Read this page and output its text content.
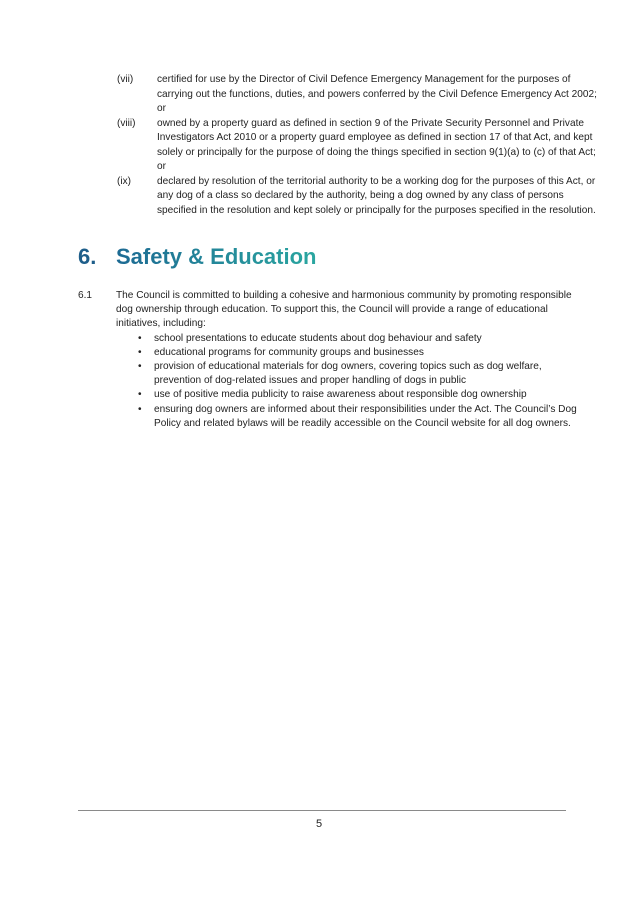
(vii)	certified for use by the Director of Civil Defence Emergency Management for the purposes of carrying out the functions, duties, and powers conferred by the Civil Defence Emergency Act 2002; or
(viii)	owned by a property guard as defined in section 9 of the Private Security Personnel and Private Investigators Act 2010 or a property guard employee as defined in section 17 of that Act, and kept solely or principally for the purpose of doing the things specified in section 9(1)(a) to (c) of that Act; or
(ix)	declared by resolution of the territorial authority to be a working dog for the purposes of this Act, or any dog of a class so declared by the authority, being a dog owned by any class of persons specified in the resolution and kept solely or principally for the purposes specified in the resolution.
6. Safety & Education
6.1	The Council is committed to building a cohesive and harmonious community by promoting responsible dog ownership through education. To support this, the Council will provide a range of educational initiatives, including:
• school presentations to educate students about dog behaviour and safety
• educational programs for community groups and businesses
• provision of educational materials for dog owners, covering topics such as dog welfare, prevention of dog-related issues and proper handling of dogs in public
• use of positive media publicity to raise awareness about responsible dog ownership
• ensuring dog owners are informed about their responsibilities under the Act. The Council’s Dog Policy and related bylaws will be readily accessible on the Council website for all dog owners.
5
